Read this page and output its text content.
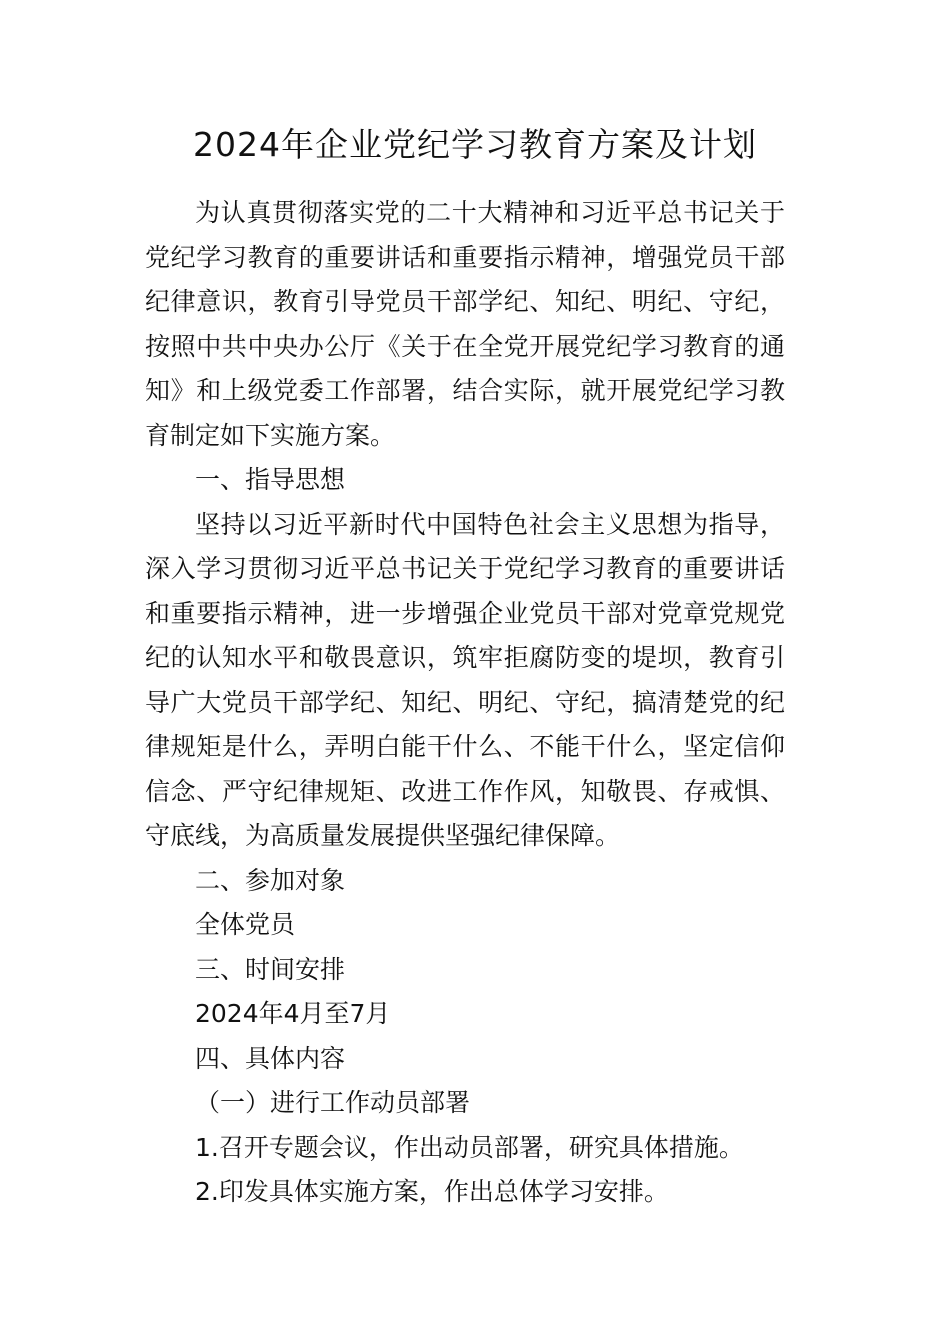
2024年企业党纪学习教育方案及计划

为认真贯彻落实党的二十大精神和习近平总书记关于党纪学习教育的重要讲话和重要指示精神，增强党员干部纪律意识，教育引导党员干部学纪、知纪、明纪、守纪，按照中共中央办公厅《关于在全党开展党纪学习教育的通知》和上级党委工作部署，结合实际，就开展党纪学习教育制定如下实施方案。

一、指导思想

坚持以习近平新时代中国特色社会主义思想为指导，深入学习贯彻习近平总书记关于党纪学习教育的重要讲话和重要指示精神，进一步增强企业党员干部对党章党规党纪的认知水平和敬畏意识，筑牢拒腐防变的堤坝，教育引导广大党员干部学纪、知纪、明纪、守纪，搞清楚党的纪律规矩是什么，弄明白能干什么、不能干什么，坚定信仰信念、严守纪律规矩、改进工作作风，知敬畏、存戒惧、守底线，为高质量发展提供坚强纪律保障。

二、参加对象

全体党员

三、时间安排

2024年4月至7月

四、具体内容

（一）进行工作动员部署

1.召开专题会议，作出动员部署，研究具体措施。

2.印发具体实施方案，作出总体学习安排。
